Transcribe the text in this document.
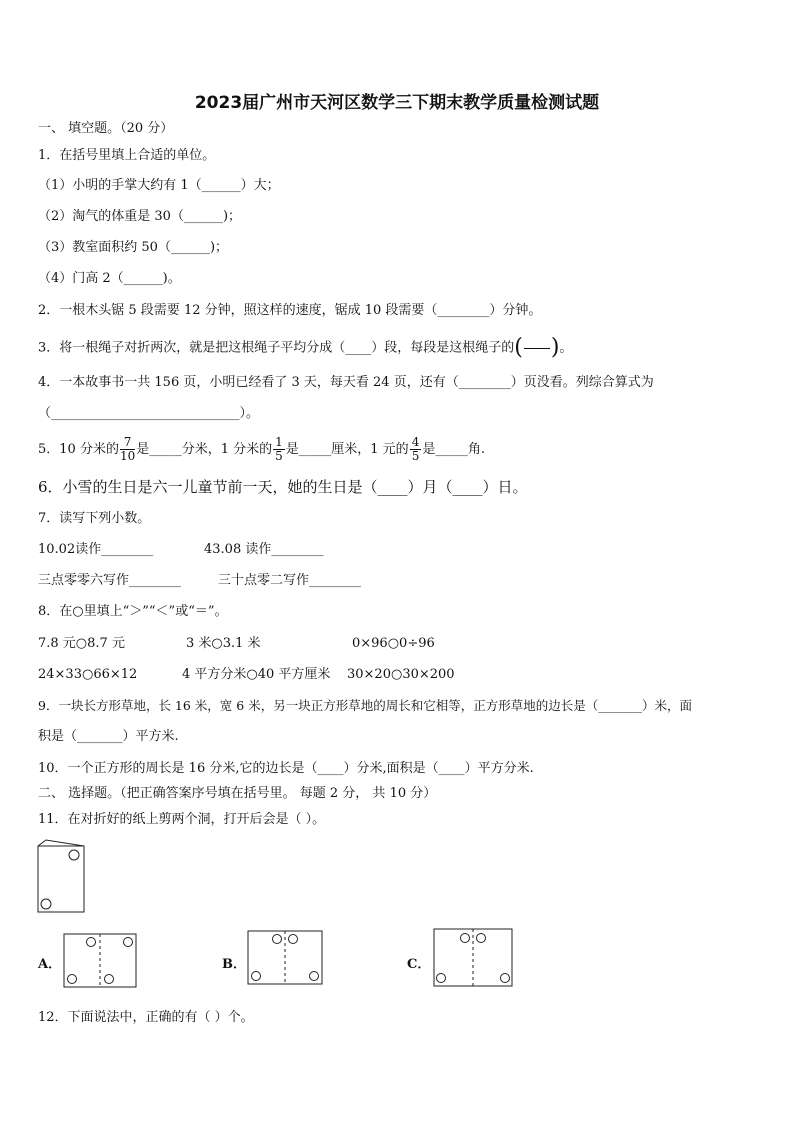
2023届广州市天河区数学三下期末教学质量检测试题
一、 填空题。（20 分）
1．在括号里填上合适的单位。
（1）小明的手掌大约有 1（______）大；
（2）淘气的体重是 30（______)；
（3）教室面积约 50（______)；
（4）门高 2（______)。
2．一根木头锯 5 段需要 12 分钟，照这样的速度，锯成 10 段需要（________）分钟。
3．将一根绳子对折两次，就是把这根绳子平均分成（____）段，每段是这根绳子的( )。
4．一本故事书一共 156 页，小明已经看了 3 天，每天看 24 页，还有（________）页没看。列综合算式为
（_____________________________）。
5．10 分米的 $\frac{7}{10}$ 是_____分米，1 分米的 $\frac{1}{5}$ 是_____厘米，1 元的 $\frac{4}{5}$ 是_____角.
6．小雪的生日是六一儿童节前一天，她的生日是（____）月（____）日。
7．读写下列小数。
10.02读作________	43.08 读作________
三点零零六写作________	三十点零二写作________
8．在○里填上“＞”“＜”或“＝”。
7.8 元○8.7 元	3 米○3.1 米	0×96○0÷96
24×33○66×12	4 平方分米○40 平方厘米 30×20○30×200
9．一块长方形草地，长 16 米，宽 6 米，另一块正方形草地的周长和它相等，正方形草地的边长是（_______）米，面
积是（_______）平方米.
10．一个正方形的周长是 16 分米,它的边长是（____）分米,面积是（____）平方分米.
二、 选择题。（把正确答案序号填在括号里。 每题 2 分， 共 10 分）
11．在对折好的纸上剪两个洞，打开后会是（ ）。
A．	B．	C．
12．下面说法中，正确的有（ ）个。
